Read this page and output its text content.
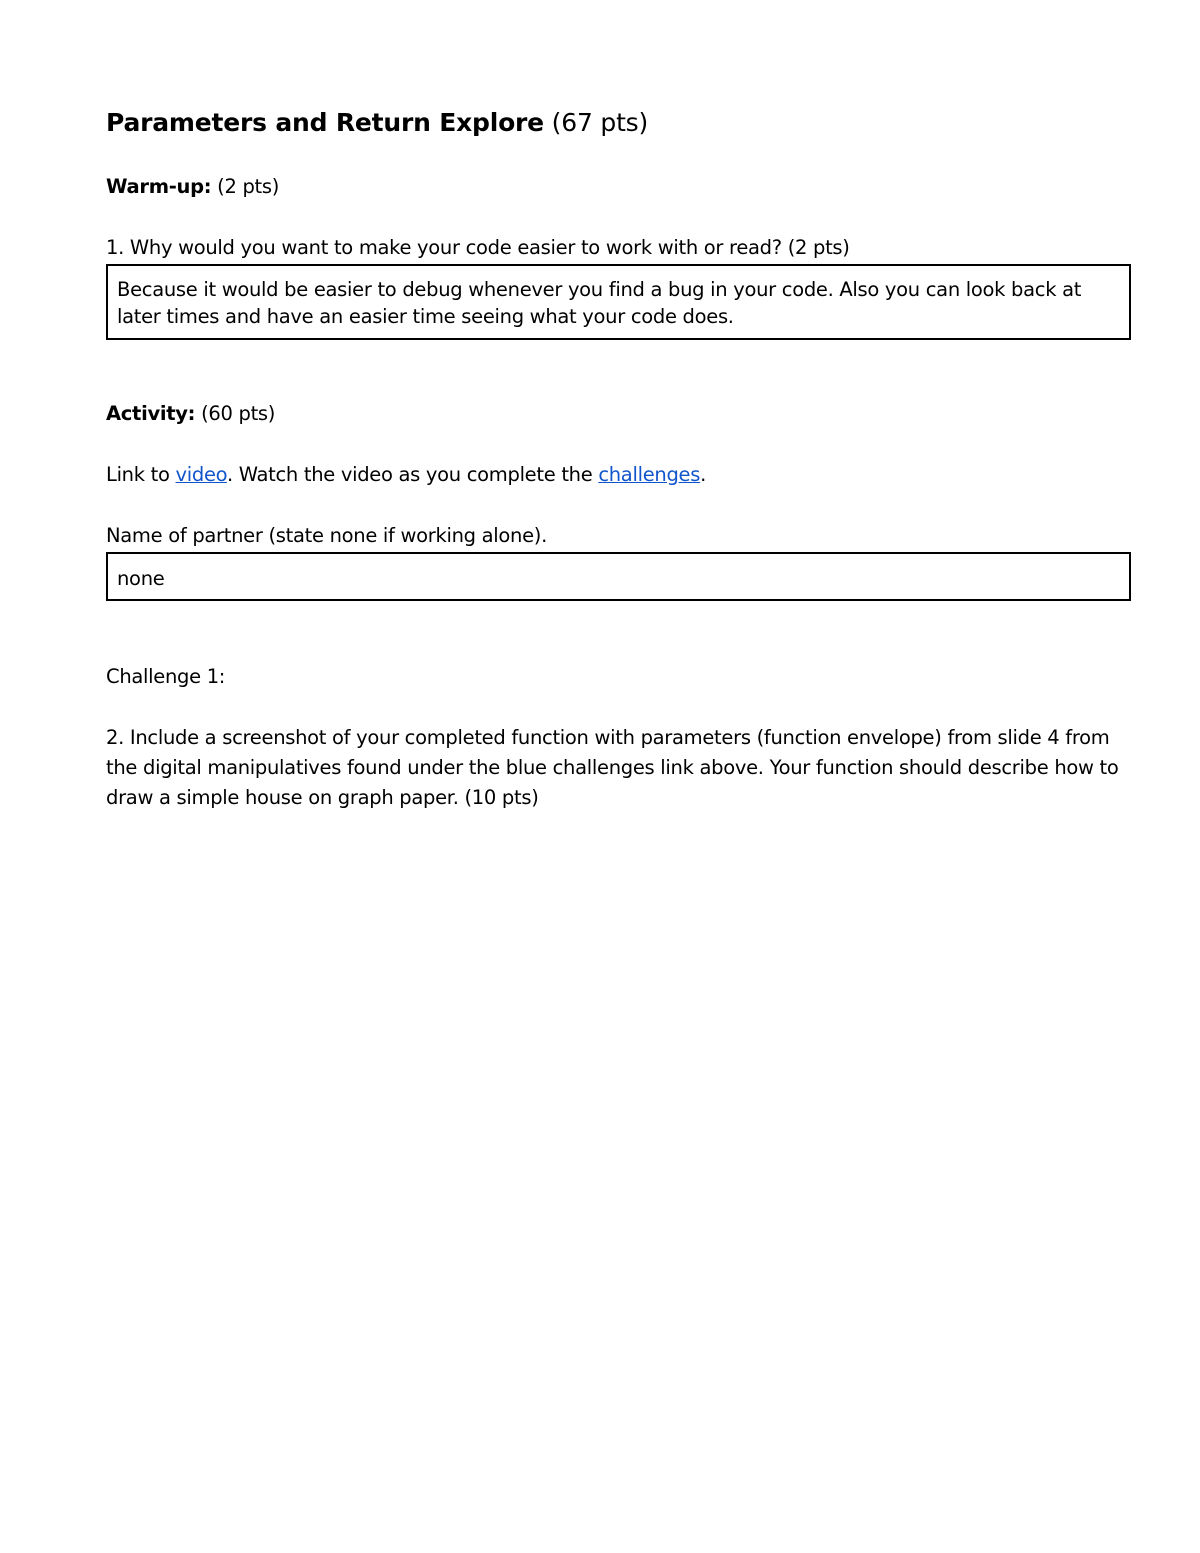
Parameters and Return Explore (67 pts)
Warm-up: (2 pts)
1. Why would you want to make your code easier to work with or read? (2 pts)
Because it would be easier to debug whenever you find a bug in your code. Also you can look back at later times and have an easier time seeing what your code does.
Activity: (60 pts)
Link to video. Watch the video as you complete the challenges.
Name of partner (state none if working alone).
none
Challenge 1:
2. Include a screenshot of your completed function with parameters (function envelope) from slide 4 from the digital manipulatives found under the blue challenges link above. Your function should describe how to draw a simple house on graph paper. (10 pts)
